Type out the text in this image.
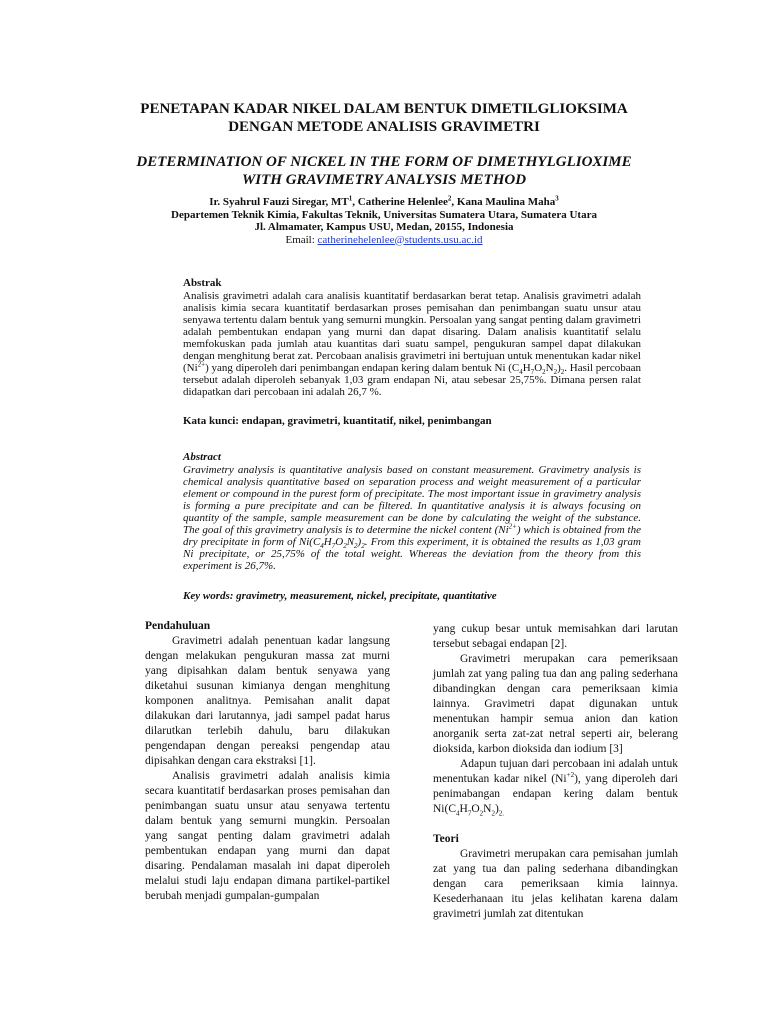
PENETAPAN KADAR NIKEL DALAM BENTUK DIMETILGLIOKSIMA
DENGAN METODE ANALISIS GRAVIMETRI
DETERMINATION OF NICKEL IN THE FORM OF DIMETHYLGLIOXIME
WITH GRAVIMETRY ANALYSIS METHOD
Ir. Syahrul Fauzi Siregar, $MT^1$, Catherine Helenlee$^2$, Kana Maulina Maha$^3$
Departemen Teknik Kimia, Fakultas Teknik, Universitas Sumatera Utara, Sumatera Utara
Jl. Almamater, Kampus USU, Medan, 20155, Indonesia
Email: catherinehelenlee@students.usu.ac.id
Abstrak

Analisis gravimetri adalah cara analisis kuantitatif berdasarkan berat tetap. Analisis gravimetri adalah analisis kimia secara kuantitatif berdasarkan proses pemisahan dan penimbangan suatu unsur atau senyawa tertentu dalam bentuk yang semurni mungkin. Persoalan yang sangat penting dalam gravimetri adalah pembentukan endapan yang murni dan dapat disaring. Dalam analisis kuantitatif selalu memfokuskan pada jumlah atau kuantitas dari suatu sampel, pengukuran sampel dapat dilakukan dengan menghitung berat zat. Percobaan analisis gravimetri ini bertujuan untuk menentukan kadar nikel $(Ni^{2+})$ yang diperoleh dari penimbangan endapan kering dalam bentuk Ni $(C_4H_7O_2N_2)_2$. Hasil percobaan tersebut adalah diperoleh sebanyak 1,03 gram endapan Ni, atau sebesar 25,75%. Dimana persen ralat didapatkan dari percobaan ini adalah 26,7 %.

Kata kunci: endapan, gravimetri, kuantitatif, nikel, penimbangan
Abstract

Gravimetry analysis is quantitative analysis based on constant measurement. Gravimetry analysis is chemical analysis quantitative based on separation process and weight measurement of a particular element or compound in the purest form of precipitate. The most important issue in gravimetry analysis is forming a pure precipitate and can be filtered. In quantitative analysis it is always focusing on quantity of the sample, sample measurement can be done by calculating the weight of the substance. The goal of this gravimetry analysis is to determine the nickel content $(Ni^{2+})$ which is obtained from the dry precipitate in form of $Ni(C_4H_7O_2N_2)_2$. From this experiment, it is obtained the results as 1,03 gram Ni precipitate, or 25,75% of the total weight. Whereas the deviation from the theory from this experiment is 26,7%.

Key words: gravimetry, measurement, nickel, precipitate, quantitative
Pendahuluan

Gravimetri adalah penentuan kadar langsung dengan melakukan pengukuran massa zat murni yang dipisahkan dalam bentuk senyawa yang diketahui susunan kimianya dengan menghitung komponen analitnya. Pemisahan analit dapat dilakukan dari larutannya, jadi sampel padat harus dilarutkan terlebih dahulu, baru dilakukan pengendapan dengan pereaksi pengendap atau dipisahkan dengan cara ekstraksi [1].

Analisis gravimetri adalah analisis kimia secara kuantitatif berdasarkan proses pemisahan dan penimbangan suatu unsur atau senyawa tertentu dalam bentuk yang semurni mungkin. Persoalan yang sangat penting dalam gravimetri adalah pembentukan endapan yang murni dan dapat disaring. Pendalaman masalah ini dapat diperoleh melalui studi laju endapan dimana partikel-partikel berubah menjadi gumpalan-gumpalan

yang cukup besar untuk memisahkan dari larutan tersebut sebagai endapan [2].

Gravimetri merupakan cara pemeriksaan jumlah zat yang paling tua dan ang paling sederhana dibandingkan dengan cara pemeriksaan kimia lainnya. Gravimetri dapat digunakan untuk menentukan hampir semua anion dan kation anorganik serta zat-zat netral seperti air, belerang dioksida, karbon dioksida dan iodium [3]

Adapun tujuan dari percobaan ini adalah untuk menentukan kadar nikel $(Ni^{+2})$, yang diperoleh dari penimabangan endapan kering dalam bentuk $Ni(C_4H_7O_2N_2)_{2.}$

Teori

Gravimetri merupakan cara pemisahan jumlah zat yang tua dan paling sederhana dibandingkan dengan cara pemeriksaan kimia lainnya. Kesederhanaan itu jelas kelihatan karena dalam gravimetri jumlah zat ditentukan
